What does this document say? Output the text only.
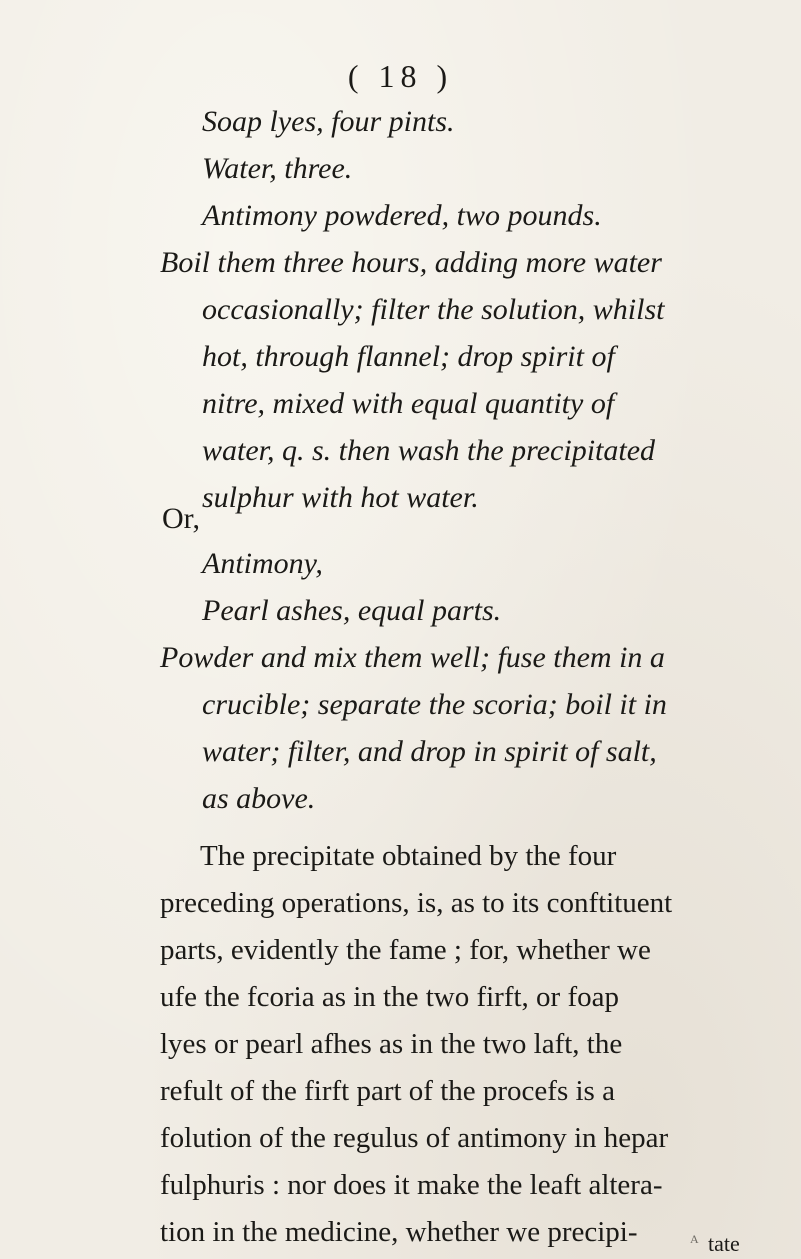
( 18 )
Soap lyes, four pints.
Water, three.
Antimony powdered, two pounds.
Boil them three hours, adding more water
occasionally; filter the solution, whilst
hot, through flannel; drop spirit of
nitre, mixed with equal quantity of
water, q. s. then wash the precipitated
sulphur with hot water.
Or,
Antimony,
Pearl ashes, equal parts.
Powder and mix them well; fuse them in a
crucible; separate the scoria; boil it in
water; filter, and drop in spirit of salt,
as above.
The precipitate obtained by the four
preceding operations, is, as to its conftituent
parts, evidently the fame ; for, whether we
ufe the fcoria as in the two firft, or foap
lyes or pearl afhes as in the two laft, the
refult of the firft part of the procefs is a
folution of the regulus of antimony in hepar
fulphuris : nor does it make the leaft altera-
tion in the medicine, whether we precipi-	tate
A
